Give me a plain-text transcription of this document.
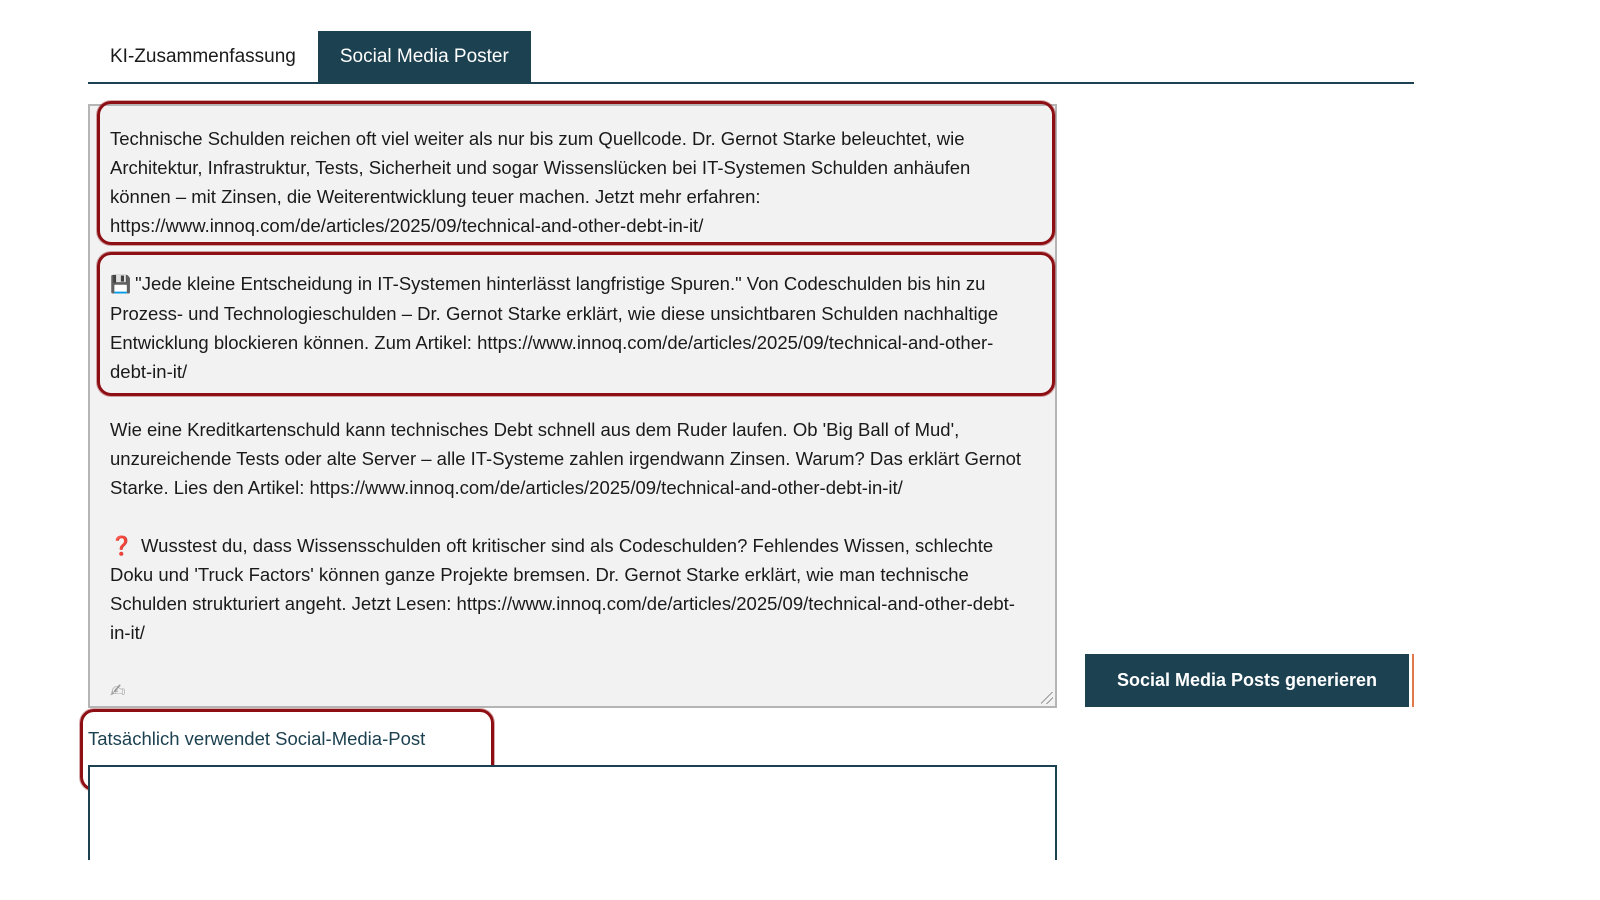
KI-Zusammenfassung	Social Media Poster

Technische Schulden reichen oft viel weiter als nur bis zum Quellcode. Dr. Gernot Starke beleuchtet, wie Architektur, Infrastruktur, Tests, Sicherheit und sogar Wissenslücken bei IT-Systemen Schulden anhäufen können – mit Zinsen, die Weiterentwicklung teuer machen. Jetzt mehr erfahren: https://www.innoq.com/de/articles/2025/09/technical-and-other-debt-in-it/

💾 "Jede kleine Entscheidung in IT-Systemen hinterlässt langfristige Spuren." Von Codeschulden bis hin zu Prozess- und Technologieschulden – Dr. Gernot Starke erklärt, wie diese unsichtbaren Schulden nachhaltige Entwicklung blockieren können. Zum Artikel: https://www.innoq.com/de/articles/2025/09/technical-and-other-debt-in-it/

Wie eine Kreditkartenschuld kann technisches Debt schnell aus dem Ruder laufen. Ob 'Big Ball of Mud', unzureichende Tests oder alte Server – alle IT-Systeme zahlen irgendwann Zinsen. Warum? Das erklärt Gernot Starke. Lies den Artikel: https://www.innoq.com/de/articles/2025/09/technical-and-other-debt-in-it/

❓ Wusstest du, dass Wissensschulden oft kritischer sind als Codeschulden? Fehlendes Wissen, schlechte Doku und 'Truck Factors' können ganze Projekte bremsen. Dr. Gernot Starke erklärt, wie man technische Schulden strukturiert angeht. Jetzt Lesen: https://www.innoq.com/de/articles/2025/09/technical-and-other-debt-in-it/

✍	Social Media Posts generieren
Tatsächlich verwendet Social-Media-Post
